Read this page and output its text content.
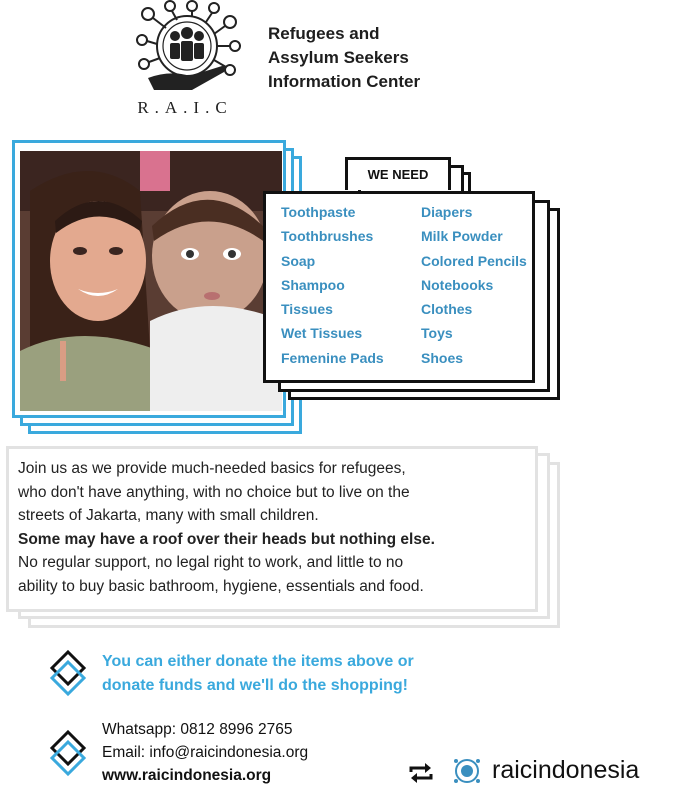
R.A.I.C
Refugees and
Assylum Seekers
Information Center
WE NEED
Toothpaste
Toothbrushes
Soap
Shampoo
Tissues
Wet Tissues
Femenine Pads
Diapers
Milk Powder
Colored Pencils
Notebooks
Clothes
Toys
Shoes
Join us as we provide much-needed basics for refugees,
who don't have anything, with no choice but to live on the
streets of Jakarta, many with small children.
Some may have a roof over their heads but nothing else.
No regular support, no legal right to work, and little to no
ability to buy basic bathroom, hygiene, essentials and food.
You can either donate the items above or
donate funds and we'll do the shopping!
Whatsapp: 0812 8996 2765
Email: info@raicindonesia.org
www.raicindonesia.org	raicindonesia
